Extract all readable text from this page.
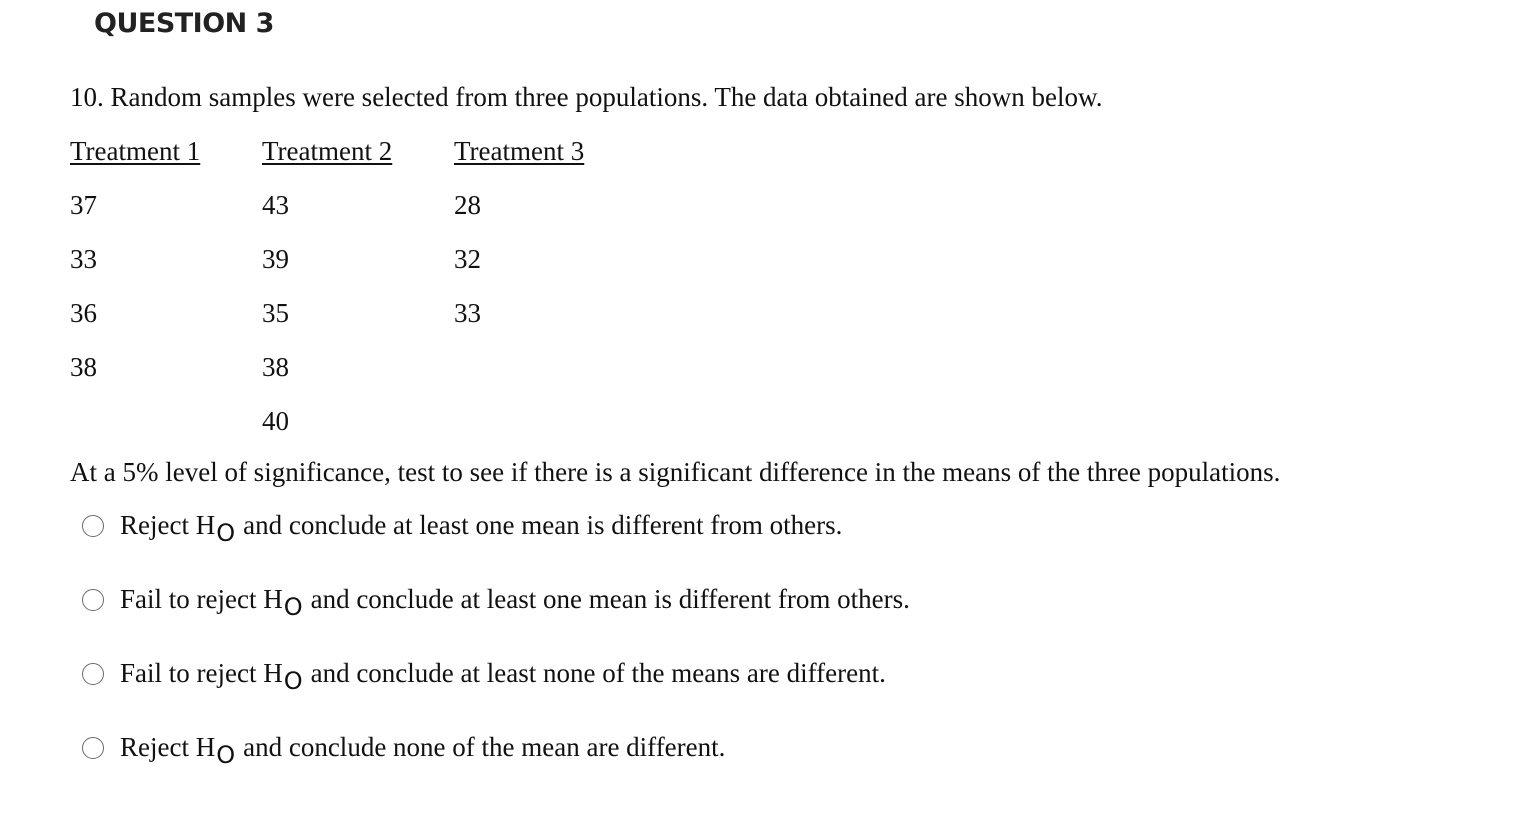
QUESTION 3
10. Random samples were selected from three populations. The data obtained are shown below.
Treatment 1
37
33
36
38
Treatment 2
43
39
35
38
40
Treatment 3
28
32
33
At a 5% level of significance, test to see if there is a significant difference in the means of the three populations.
Reject HO and conclude at least one mean is different from others.
Fail to reject HO and conclude at least one mean is different from others.
Fail to reject HO and conclude at least none of the means are different.
Reject HO and conclude none of the mean are different.
